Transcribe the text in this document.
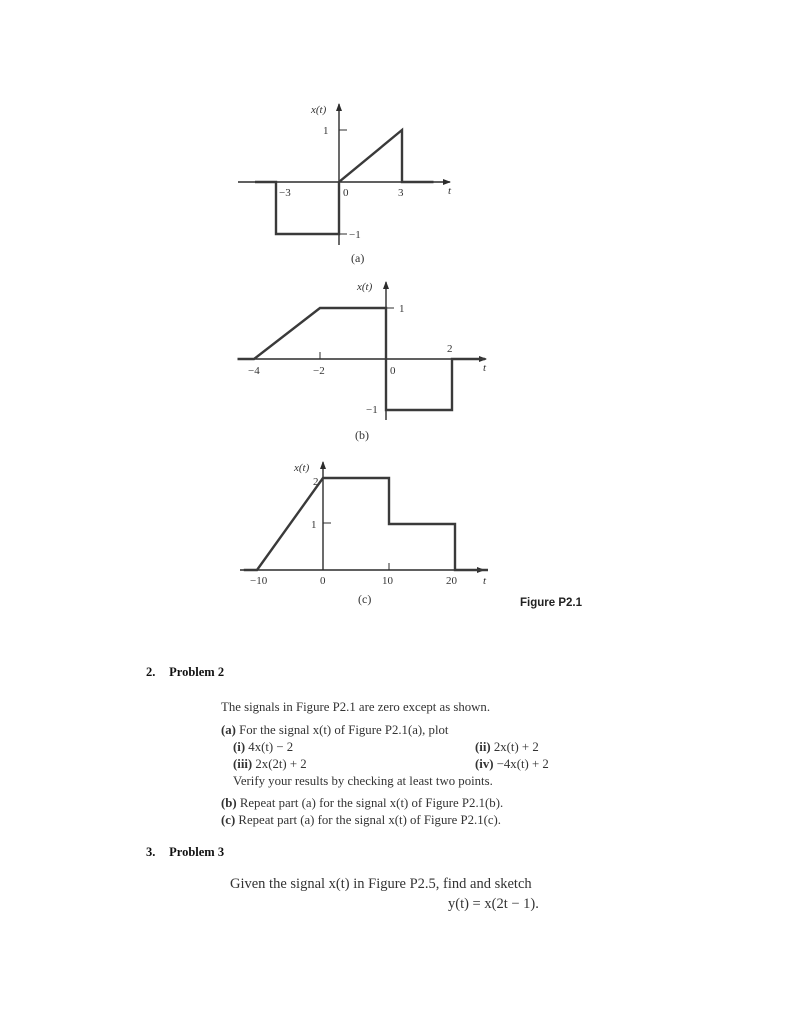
x(t)
1
−1
−3	0	3	t
(a)
x(t)
1
−1
−4	−2	0
2
t
(b)
x(t)
2
1
−10	0	10	20 t
(c)	Figure P2.1
2. Problem 2
The signals in Figure P2.1 are zero except as shown.
(a) For the signal x(t) of Figure P2.1(a), plot
(i) 4x(t) − 2	(ii) 2x(t) + 2
(iii) 2x(2t) + 2	(iv) −4x(t) + 2
Verify your results by checking at least two points.
(b) Repeat part (a) for the signal x(t) of Figure P2.1(b).
(c) Repeat part (a) for the signal x(t) of Figure P2.1(c).
3. Problem 3
Given the signal x(t) in Figure P2.5, find and sketch
y(t) = x(2t − 1).
